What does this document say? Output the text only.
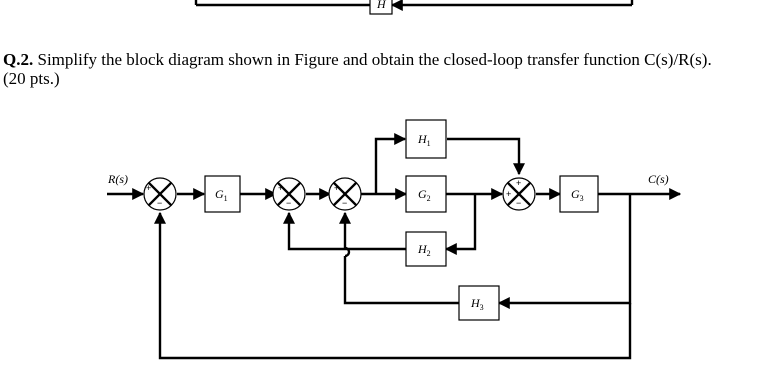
H
$G_1$	$G_2$
$H_1$
$H_2$
$G_3$
$H_3$
R(s)	C(s)
+
−
+
−
+
−
+
+
−

Q.2. Simplify the block diagram shown in Figure and obtain the closed-loop transfer function C(s)/R(s).
(20 pts.)
